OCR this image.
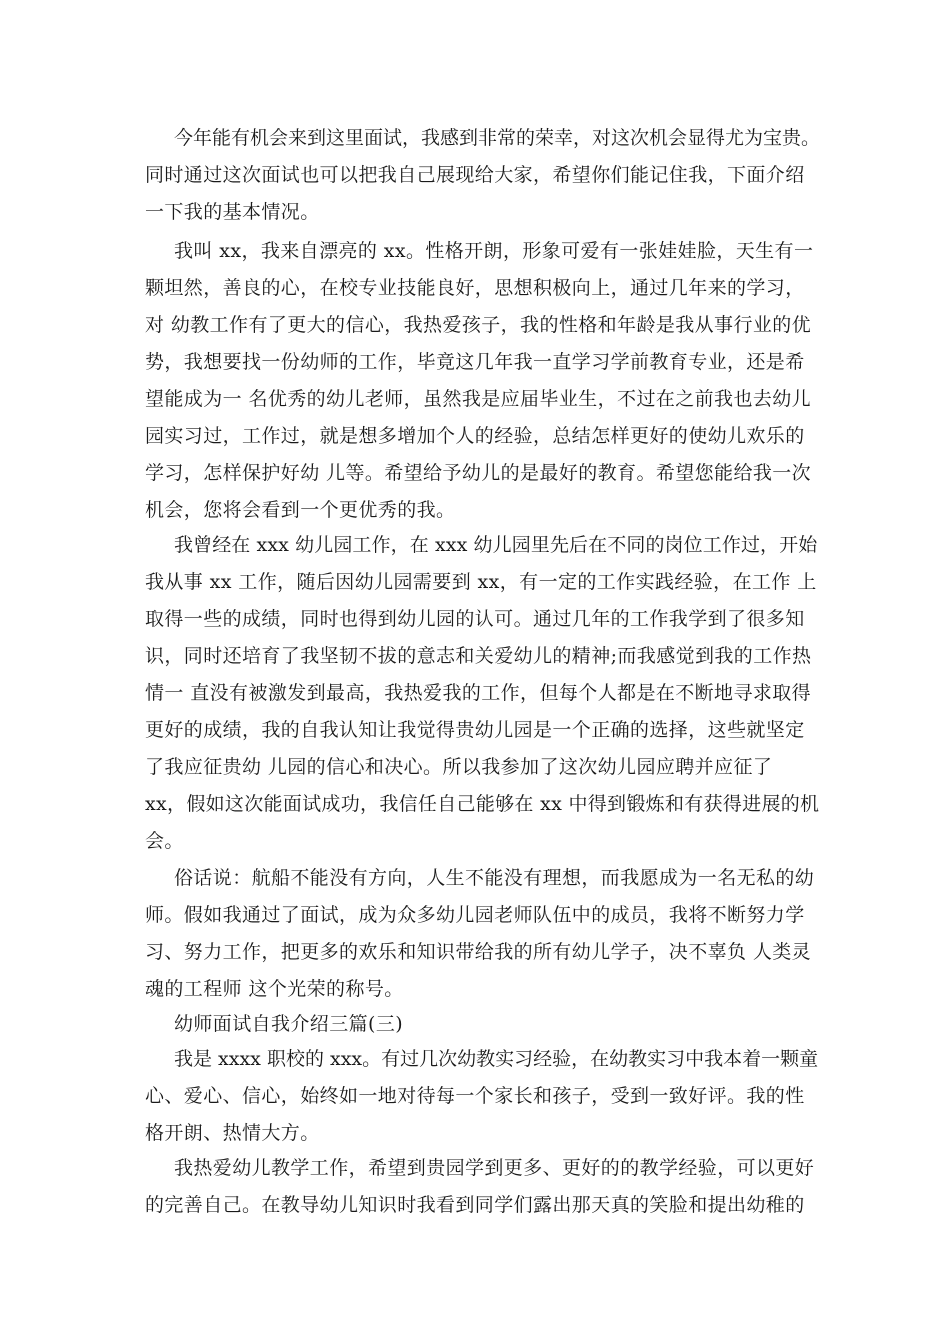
今年能有机会来到这里面试，我感到非常的荣幸，对这次机会显得尤为宝贵。
同时通过这次面试也可以把我自己展现给大家，希望你们能记住我，下面介绍
一下我的基本情况。
我叫 xx，我来自漂亮的 xx。性格开朗，形象可爱有一张娃娃脸，天生有一
颗坦然，善良的心，在校专业技能良好，思想积极向上，通过几年来的学习，
对 幼教工作有了更大的信心，我热爱孩子，我的性格和年龄是我从事行业的优
势，我想要找一份幼师的工作，毕竟这几年我一直学习学前教育专业，还是希
望能成为一 名优秀的幼儿老师，虽然我是应届毕业生，不过在之前我也去幼儿
园实习过，工作过，就是想多增加个人的经验，总结怎样更好的使幼儿欢乐的
学习，怎样保护好幼 儿等。希望给予幼儿的是最好的教育。希望您能给我一次
机会，您将会看到一个更优秀的我。
我曾经在 xxx 幼儿园工作，在 xxx 幼儿园里先后在不同的岗位工作过，开始
我从事 xx 工作，随后因幼儿园需要到 xx，有一定的工作实践经验，在工作 上
取得一些的成绩，同时也得到幼儿园的认可。通过几年的工作我学到了很多知
识，同时还培育了我坚韧不拔的意志和关爱幼儿的精神;而我感觉到我的工作热
情一 直没有被激发到最高，我热爱我的工作，但每个人都是在不断地寻求取得
更好的成绩，我的自我认知让我觉得贵幼儿园是一个正确的选择，这些就坚定
了我应征贵幼 儿园的信心和决心。所以我参加了这次幼儿园应聘并应征了
xx，假如这次能面试成功，我信任自己能够在 xx 中得到锻炼和有获得进展的机
会。
俗话说：航船不能没有方向，人生不能没有理想，而我愿成为一名无私的幼
师。假如我通过了面试，成为众多幼儿园老师队伍中的成员，我将不断努力学
习、努力工作，把更多的欢乐和知识带给我的所有幼儿学子，决不辜负 人类灵
魂的工程师 这个光荣的称号。
幼师面试自我介绍三篇(三)
我是 xxxx 职校的 xxx。有过几次幼教实习经验，在幼教实习中我本着一颗童
心、爱心、信心，始终如一地对待每一个家长和孩子，受到一致好评。我的性
格开朗、热情大方。
我热爱幼儿教学工作，希望到贵园学到更多、更好的的教学经验，可以更好
的完善自己。在教导幼儿知识时我看到同学们露出那天真的笑脸和提出幼稚的
